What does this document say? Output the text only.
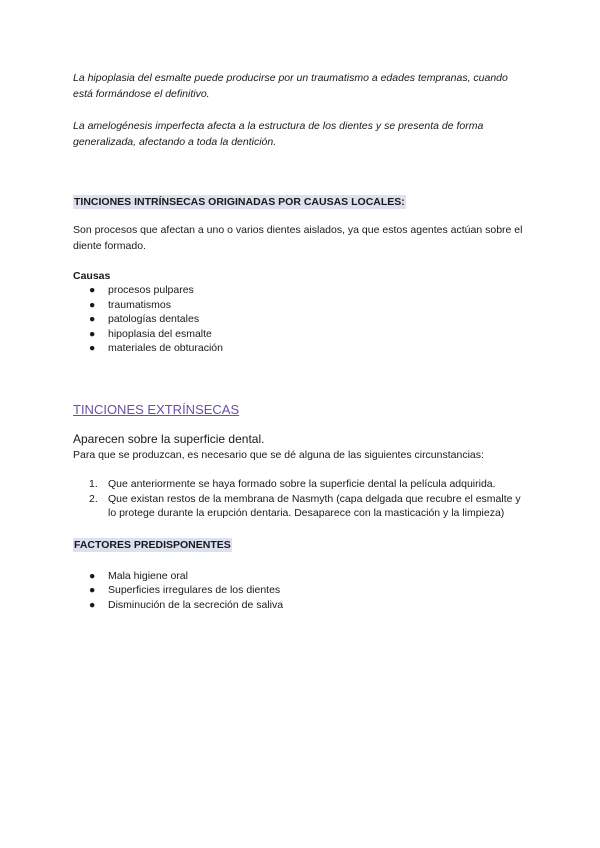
La hipoplasia del esmalte puede producirse por un traumatismo a edades tempranas, cuando está formándose el definitivo.

La amelogénesis imperfecta afecta a la estructura de los dientes y se presenta de forma generalizada, afectando a toda la dentición.

TINCIONES INTRÍNSECAS ORIGINADAS POR CAUSAS LOCALES:

Son procesos que afectan a uno o varios dientes aislados, ya que estos agentes actúan sobre el diente formado.

Causas

● procesos pulpares
● traumatismos
● patologías dentales
● hipoplasia del esmalte
● materiales de obturación

TINCIONES EXTRÍNSECAS

Aparecen sobre la superficie dental.

Para que se produzcan, es necesario que se dé alguna de las siguientes circunstancias:

1. Que anteriormente se haya formado sobre la superficie dental la película adquirida.
2. Que existan restos de la membrana de Nasmyth (capa delgada que recubre el esmalte y lo protege durante la erupción dentaria. Desaparece con la masticación y la limpieza)

FACTORES PREDISPONENTES

● Mala higiene oral
● Superficies irregulares de los dientes
● Disminución de la secreción de saliva
